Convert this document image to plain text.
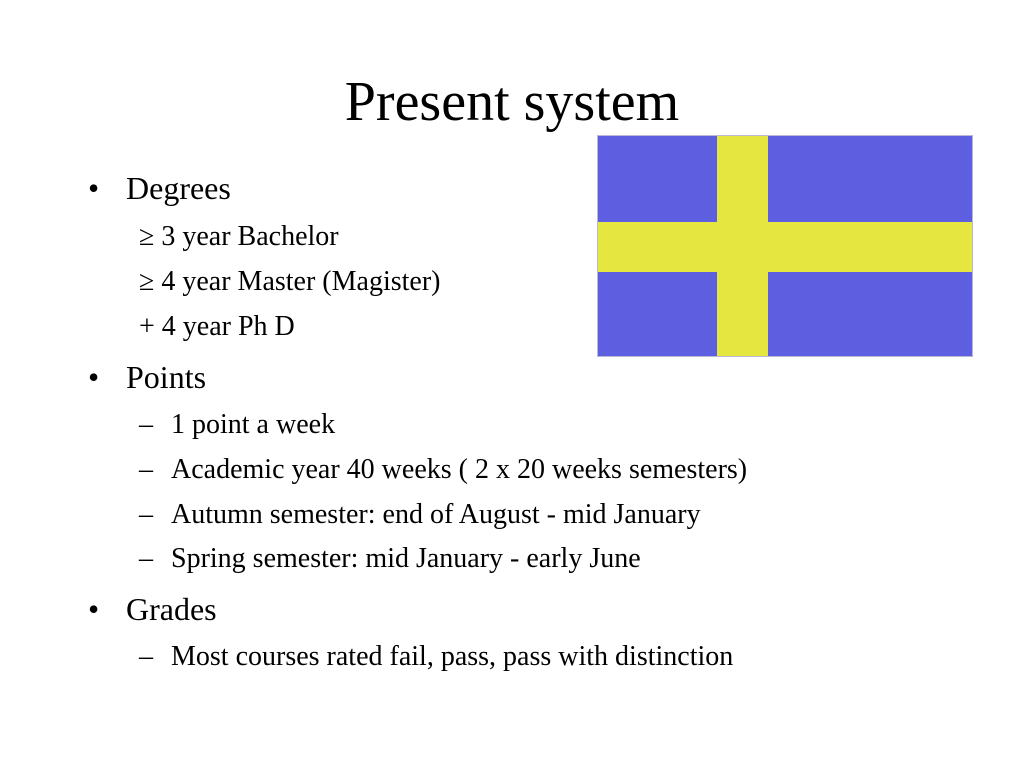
Present system
• Degrees
≥ 3 year Bachelor
≥ 4 year Master (Magister)
+ 4 year Ph D
• Points
– 1 point a week
– Academic year 40 weeks ( 2 x 20 weeks semesters)
– Autumn semester: end of August - mid January
– Spring semester: mid January - early June
• Grades
– Most courses rated fail, pass, pass with distinction
